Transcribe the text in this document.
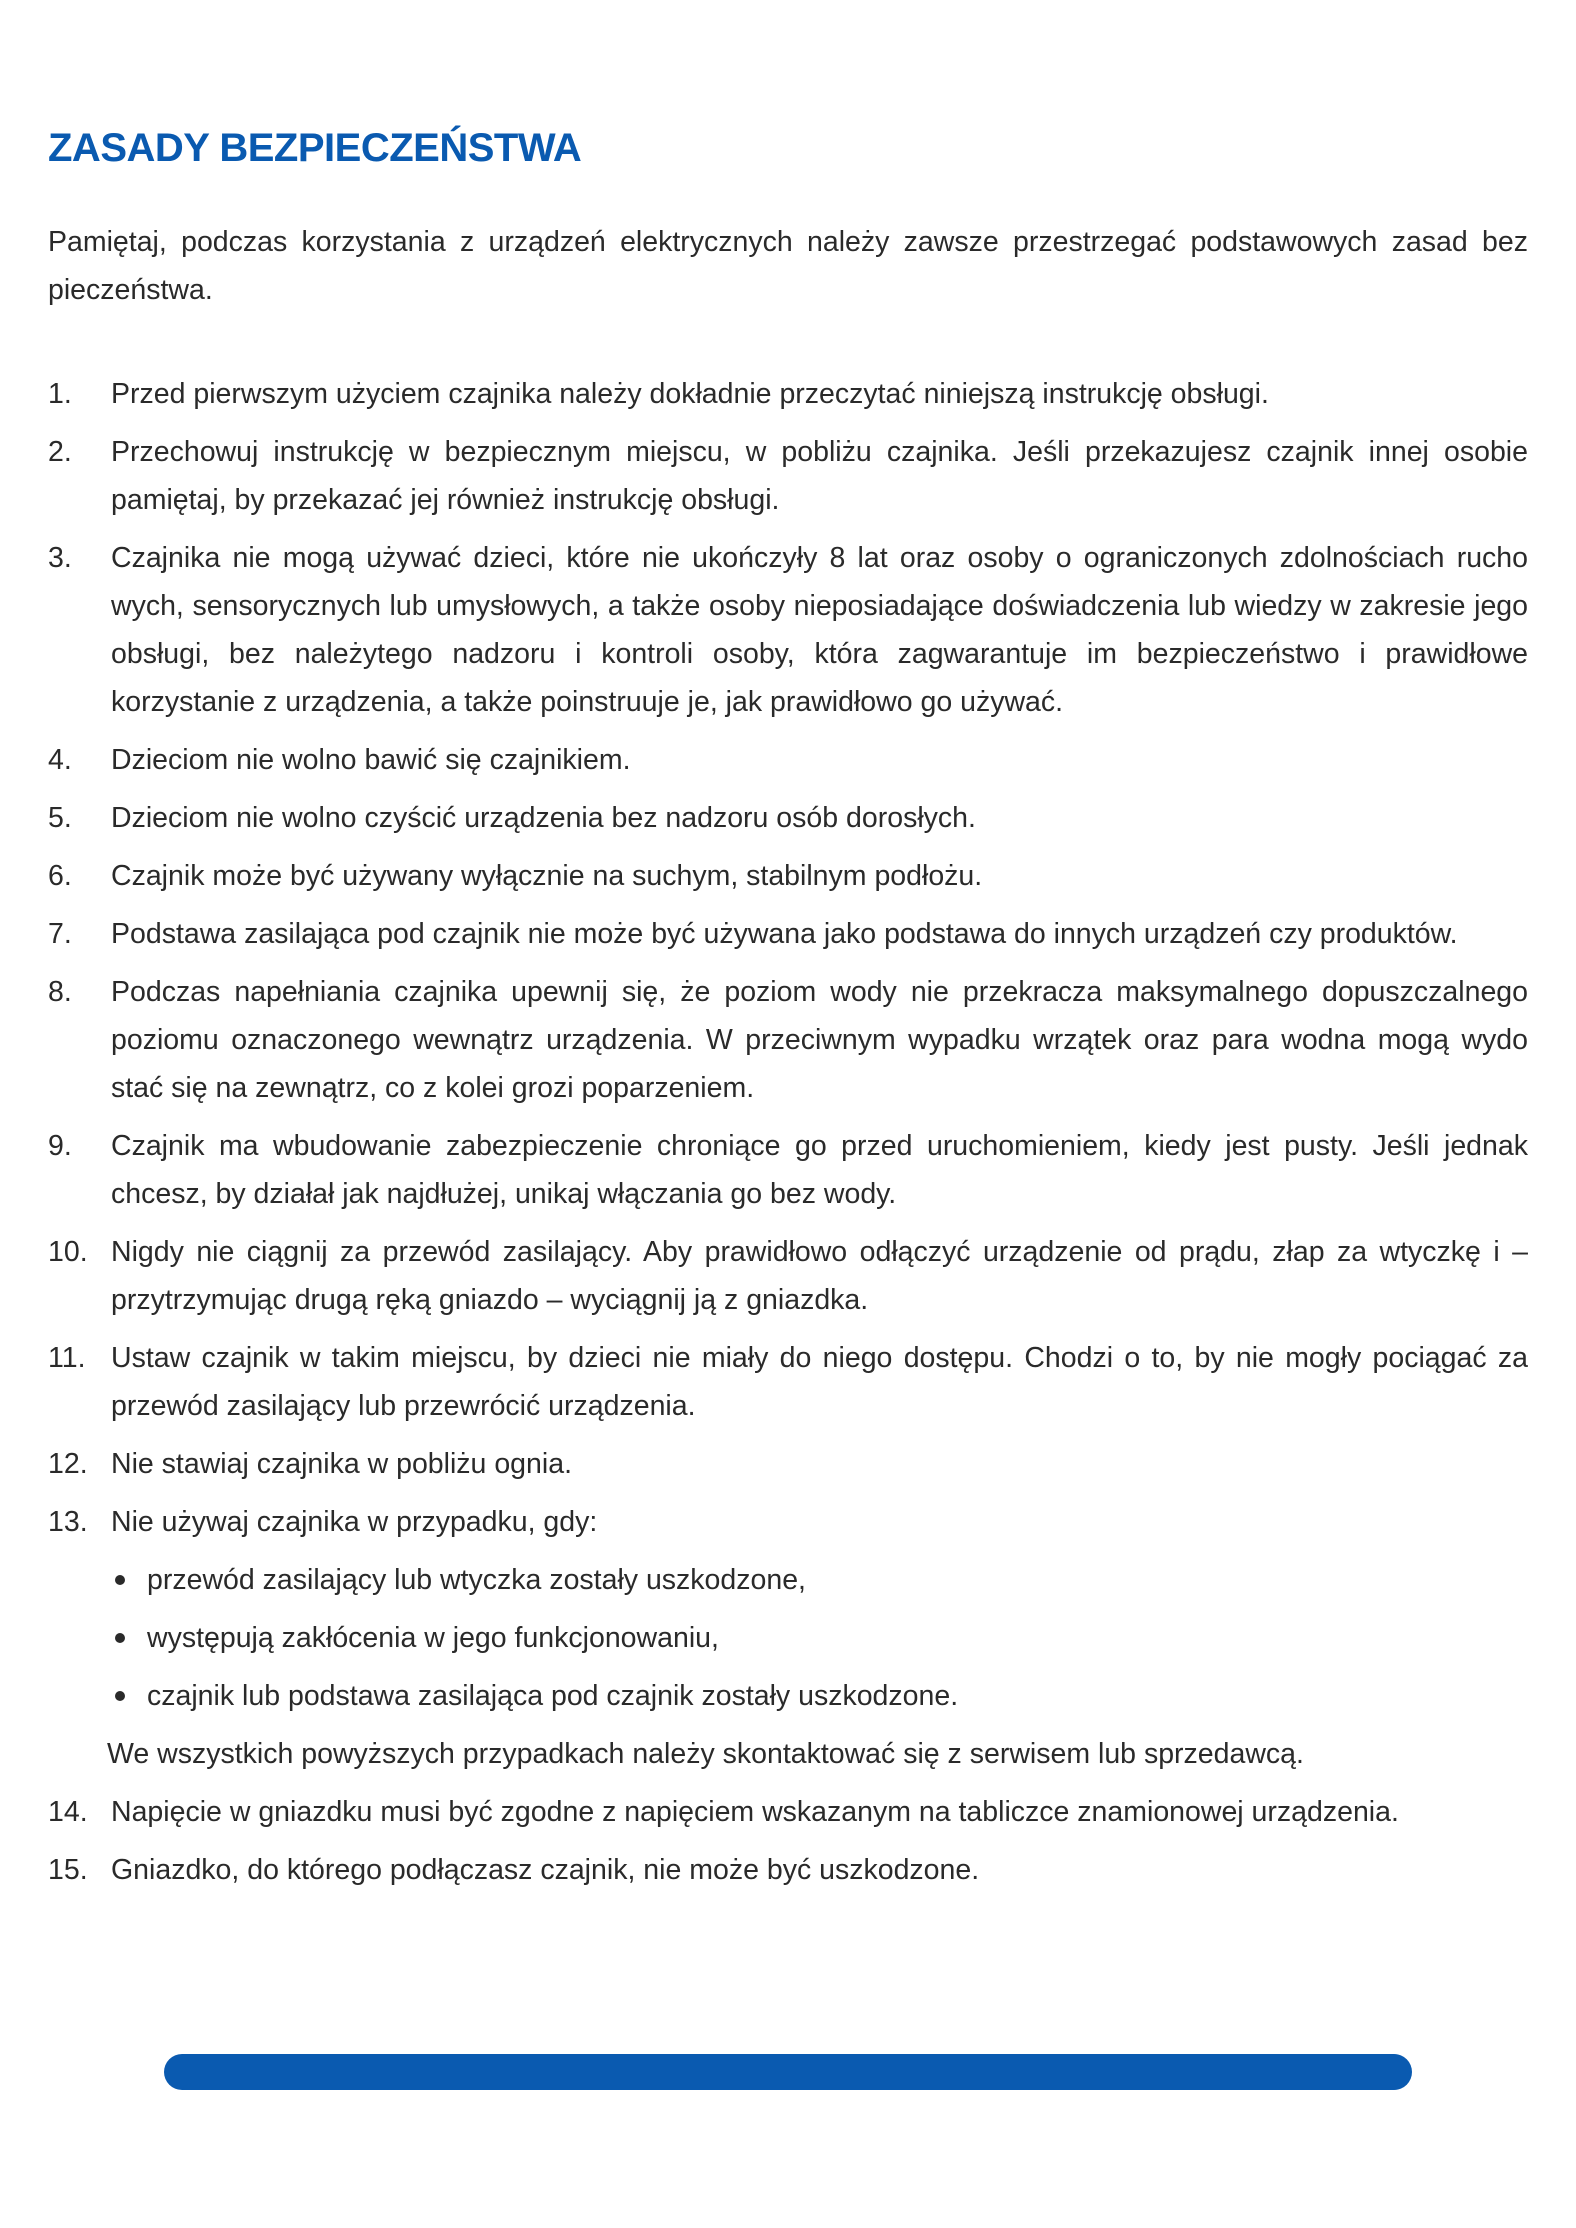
ZASADY BEZPIECZEŃSTWA

Pamiętaj, podczas korzystania z urządzeń elektrycznych należy zawsze przestrzegać podstawowych zasad bez pieczeństwa.

1. Przed pierwszym użyciem czajnika należy dokładnie przeczytać niniejszą instrukcję obsługi.
2. Przechowuj instrukcję w bezpiecznym miejscu, w pobliżu czajnika. Jeśli przekazujesz czajnik innej osobie pamiętaj, by przekazać jej również instrukcję obsługi.
3. Czajnika nie mogą używać dzieci, które nie ukończyły 8 lat oraz osoby o ograniczonych zdolnościach rucho wych, sensorycznych lub umysłowych, a także osoby nieposiadające doświadczenia lub wiedzy w zakresie jego obsługi, bez należytego nadzoru i kontroli osoby, która zagwarantuje im bezpieczeństwo i prawidłowe korzystanie z urządzenia, a także poinstruuje je, jak prawidłowo go używać.
4. Dzieciom nie wolno bawić się czajnikiem.
5. Dzieciom nie wolno czyścić urządzenia bez nadzoru osób dorosłych.
6. Czajnik może być używany wyłącznie na suchym, stabilnym podłożu.
7. Podstawa zasilająca pod czajnik nie może być używana jako podstawa do innych urządzeń czy produktów.
8. Podczas napełniania czajnika upewnij się, że poziom wody nie przekracza maksymalnego dopuszczalnego poziomu oznaczonego wewnątrz urządzenia. W przeciwnym wypadku wrzątek oraz para wodna mogą wydo stać się na zewnątrz, co z kolei grozi poparzeniem.
9. Czajnik ma wbudowanie zabezpieczenie chroniące go przed uruchomieniem, kiedy jest pusty. Jeśli jednak chcesz, by działał jak najdłużej, unikaj włączania go bez wody.
10. Nigdy nie ciągnij za przewód zasilający. Aby prawidłowo odłączyć urządzenie od prądu, złap za wtyczkę i – przytrzymując drugą ręką gniazdo – wyciągnij ją z gniazdka.
11. Ustaw czajnik w takim miejscu, by dzieci nie miały do niego dostępu. Chodzi o to, by nie mogły pociągać za przewód zasilający lub przewrócić urządzenia.
12. Nie stawiaj czajnika w pobliżu ognia.
13. Nie używaj czajnika w przypadku, gdy:
przewód zasilający lub wtyczka zostały uszkodzone,
występują zakłócenia w jego funkcjonowaniu,
czajnik lub podstawa zasilająca pod czajnik zostały uszkodzone.
We wszystkich powyższych przypadkach należy skontaktować się z serwisem lub sprzedawcą.
14. Napięcie w gniazdku musi być zgodne z napięciem wskazanym na tabliczce znamionowej urządzenia.
15. Gniazdko, do którego podłączasz czajnik, nie może być uszkodzone.
